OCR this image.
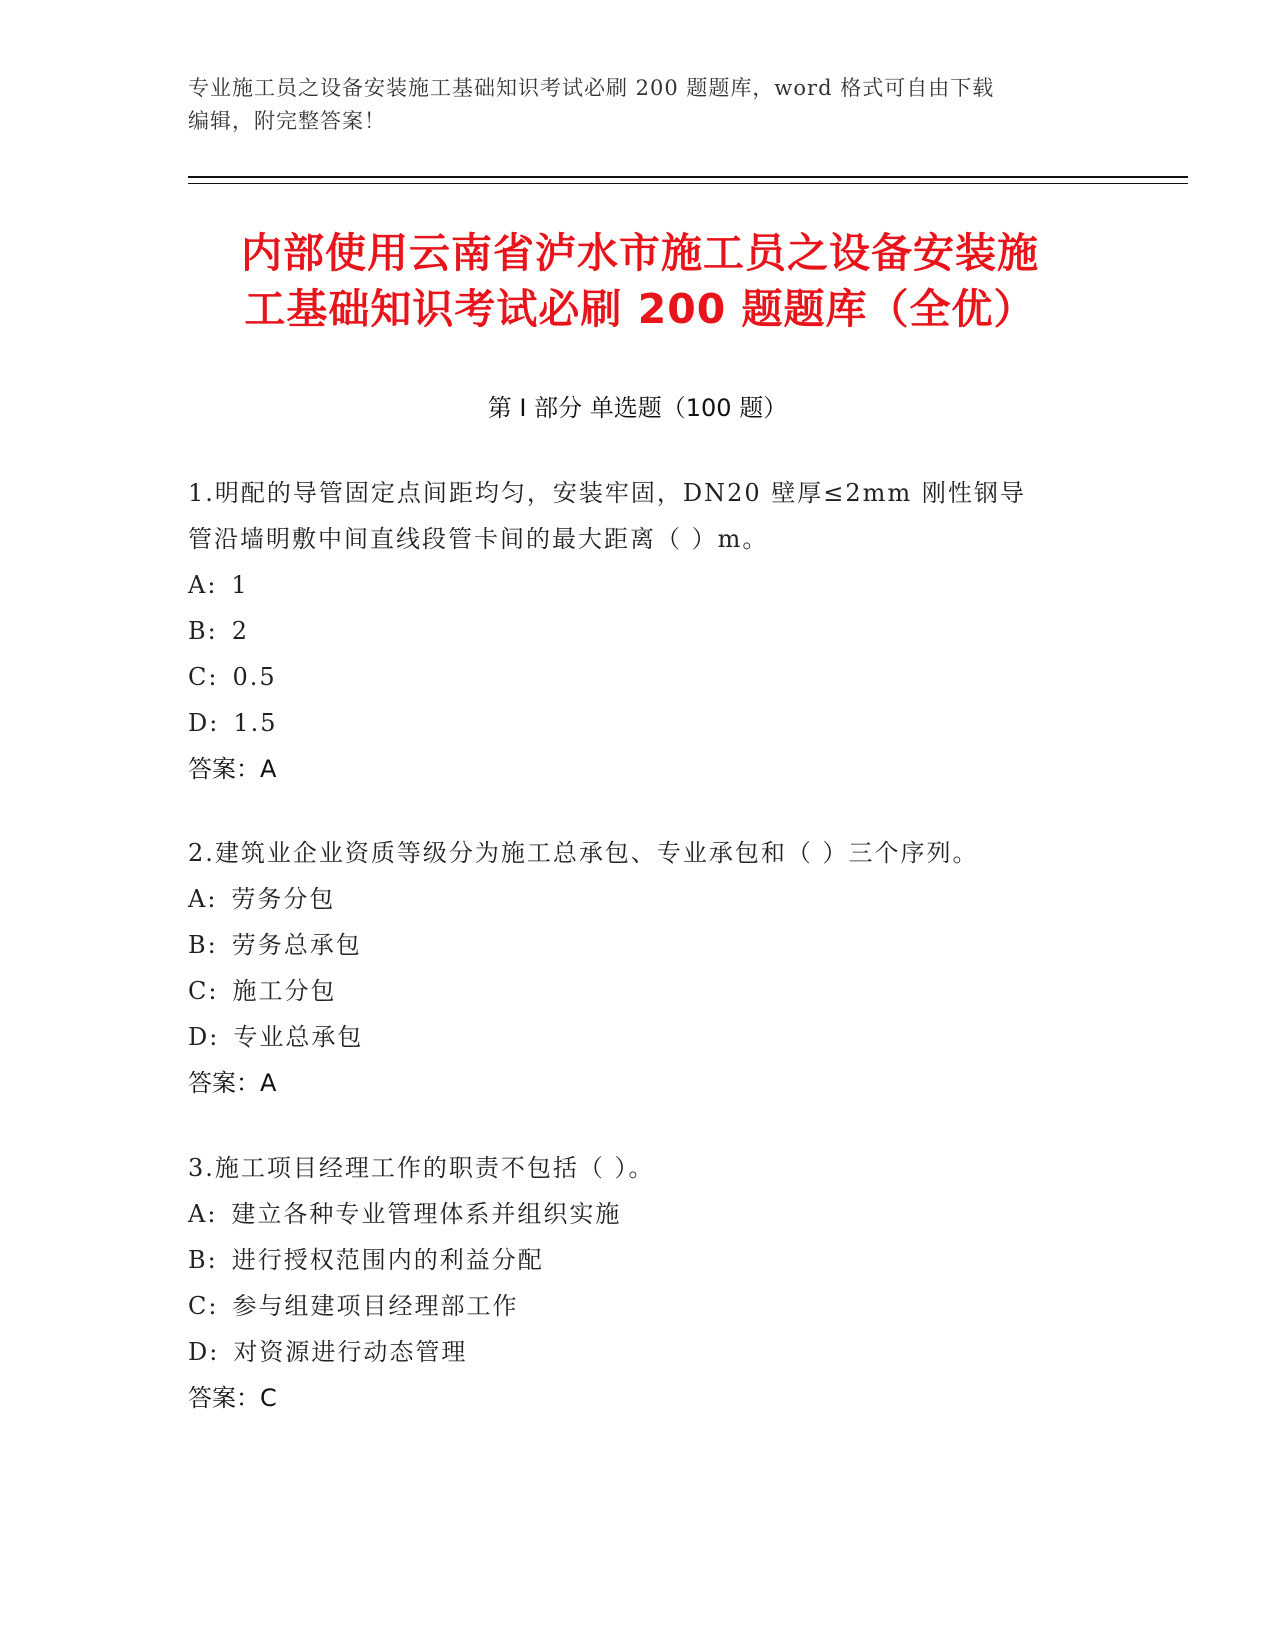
专业施工员之设备安装施工基础知识考试必刷 200 题题库，word 格式可自由下载
编辑，附完整答案！
内部使用云南省泸水市施工员之设备安装施
工基础知识考试必刷 200 题题库（全优）
第 I 部分 单选题（100 题）

1.明配的导管固定点间距均匀，安装牢固，DN20 壁厚≤2mm 刚性钢导

管沿墙明敷中间直线段管卡间的最大距离（ ）m。

A: 1

B: 2

C: 0.5

D: 1.5

答案：A

2.建筑业企业资质等级分为施工总承包、专业承包和（ ）三个序列。

A: 劳务分包

B: 劳务总承包

C: 施工分包

D: 专业总承包

答案：A

3.施工项目经理工作的职责不包括（ ）。

A: 建立各种专业管理体系并组织实施

B: 进行授权范围内的利益分配

C: 参与组建项目经理部工作

D: 对资源进行动态管理

答案：C
